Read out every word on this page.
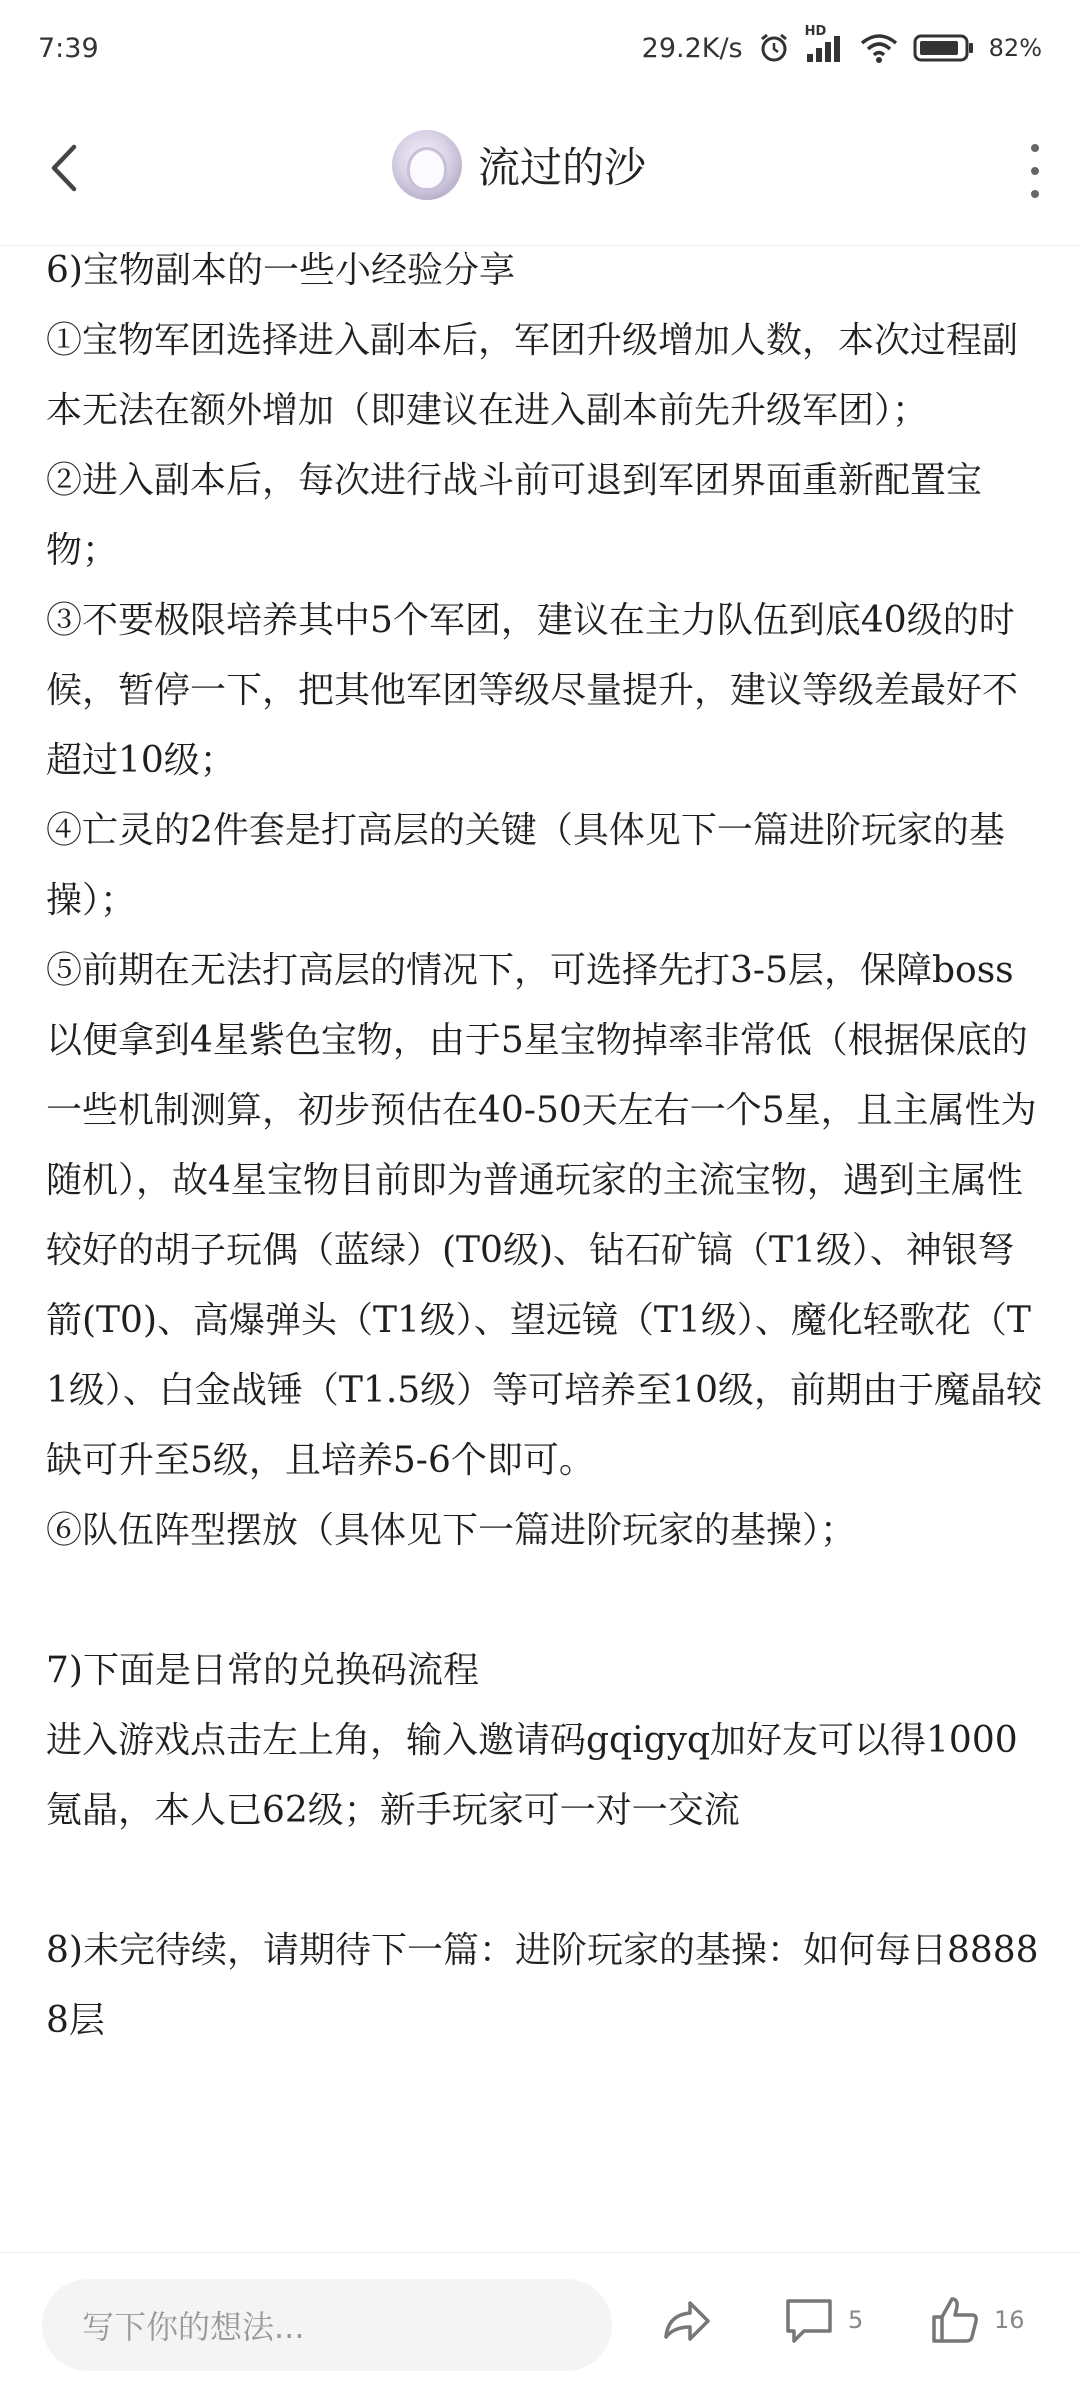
7:39	29.2K/s
HD
82%
流过的沙

6)宝物副本的一些小经验分享

①宝物军团选择进入副本后，军团升级增加人数，本次过程副本无法在额外增加（即建议在进入副本前先升级军团）；

②进入副本后，每次进行战斗前可退到军团界面重新配置宝物；

③不要极限培养其中5个军团，建议在主力队伍到底40级的时候，暂停一下，把其他军团等级尽量提升，建议等级差最好不超过10级；

④亡灵的2件套是打高层的关键（具体见下一篇进阶玩家的基操）；

⑤前期在无法打高层的情况下，可选择先打3-5层，保障boss以便拿到4星紫色宝物，由于5星宝物掉率非常低（根据保底的一些机制测算，初步预估在40-50天左右一个5星，且主属性为随机），故4星宝物目前即为普通玩家的主流宝物，遇到主属性较好的胡子玩偶（蓝绿）(T0级)、钻石矿镐（T1级）、神银弩箭(T0)、高爆弹头（T1级）、望远镜（T1级）、魔化轻歌花（T1级）、白金战锤（T1.5级）等可培养至10级，前期由于魔晶较缺可升至5级，且培养5-6个即可。

⑥队伍阵型摆放（具体见下一篇进阶玩家的基操）；

7)下面是日常的兑换码流程

进入游戏点击左上角，输入邀请码gqigyq加好友可以得1000氪晶，本人已62级；新手玩家可一对一交流

8)未完待续，请期待下一篇：进阶玩家的基操：如何每日88888层

写下你的想法...	5	16
